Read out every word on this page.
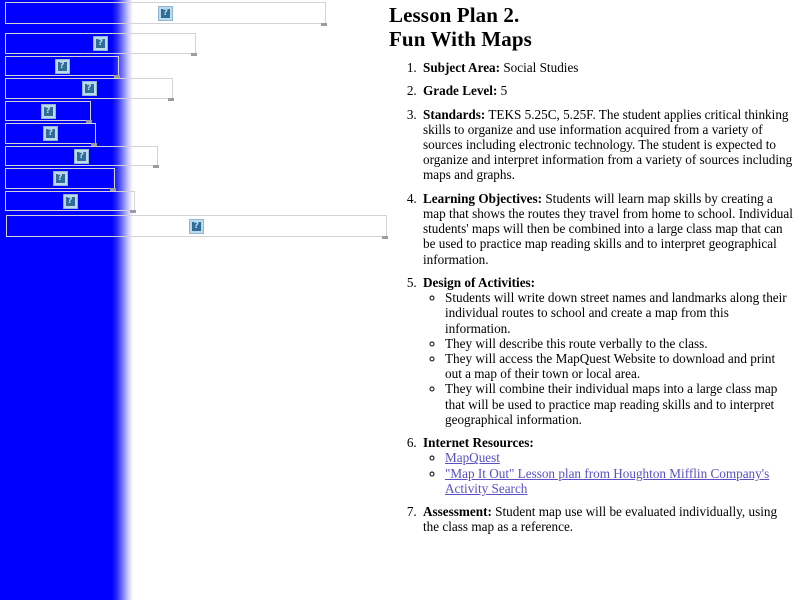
?
?
?
?
?
?
?
?
?
?
Lesson Plan 2.
Fun With Maps
1. Subject Area: Social Studies
2. Grade Level: 5
3. Standards: TEKS 5.25C, 5.25F. The student applies critical thinking skills to organize and use information acquired from a variety of sources including electronic technology. The student is expected to organize and interpret information from a variety of sources including maps and graphs.
4. Learning Objectives: Students will learn map skills by creating a map that shows the routes they travel from home to school. Individual students' maps will then be combined into a large class map that can be used to practice map reading skills and to interpret geographical information.
5. Design of Activities:
◦ Students will write down street names and landmarks along their individual routes to school and create a map from this information.
◦ They will describe this route verbally to the class.
◦ They will access the MapQuest Website to download and print out a map of their town or local area.
◦ They will combine their individual maps into a large class map that will be used to practice map reading skills and to interpret geographical information.
6. Internet Resources:
◦ MapQuest
◦ "Map It Out" Lesson plan from Houghton Mifflin Company's Activity Search
7. Assessment: Student map use will be evaluated individually, using the class map as a reference.
